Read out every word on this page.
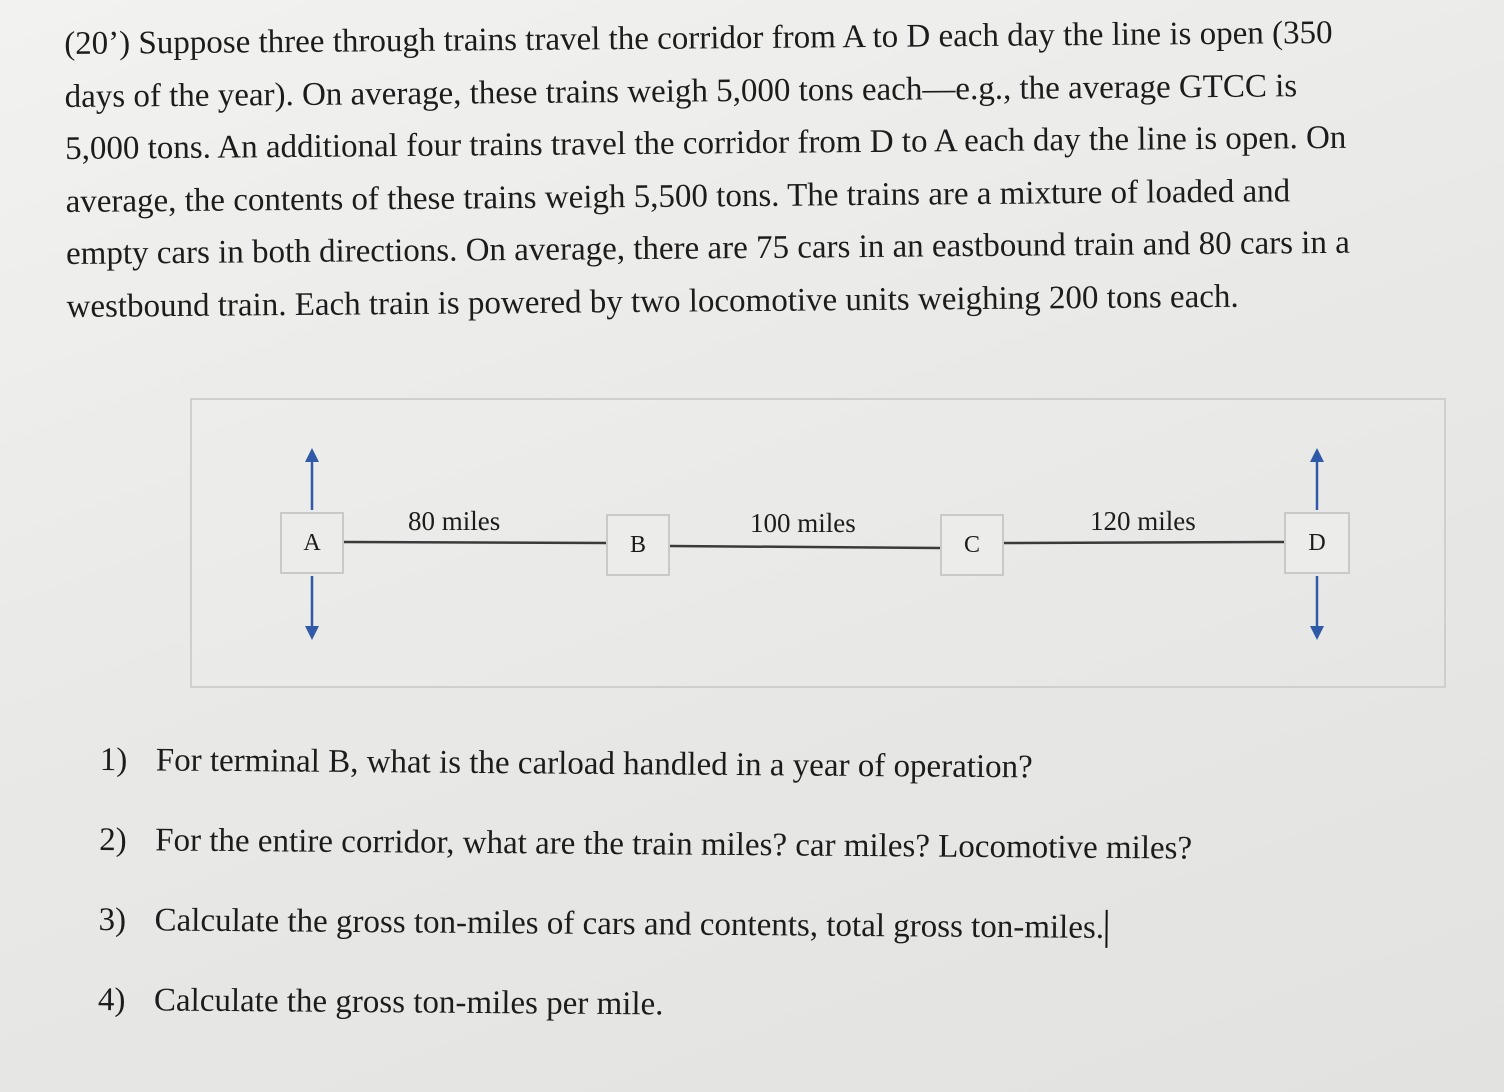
(20’) Suppose three through trains travel the corridor from A to D each day the line is open (350

days of the year). On average, these trains weigh 5,000 tons each—e.g., the average GTCC is

5,000 tons. An additional four trains travel the corridor from D to A each day the line is open. On

average, the contents of these trains weigh 5,500 tons. The trains are a mixture of loaded and

empty cars in both directions. On average, there are 75 cars in an eastbound train and 80 cars in a

westbound train. Each train is powered by two locomotive units weighing 200 tons each.

A	B	C	D
80 miles	100 miles	120 miles
1) For terminal B, what is the carload handled in a year of operation?
2) For the entire corridor, what are the train miles? car miles? Locomotive miles?
3) Calculate the gross ton-miles of cars and contents, total gross ton-miles.
4) Calculate the gross ton-miles per mile.
